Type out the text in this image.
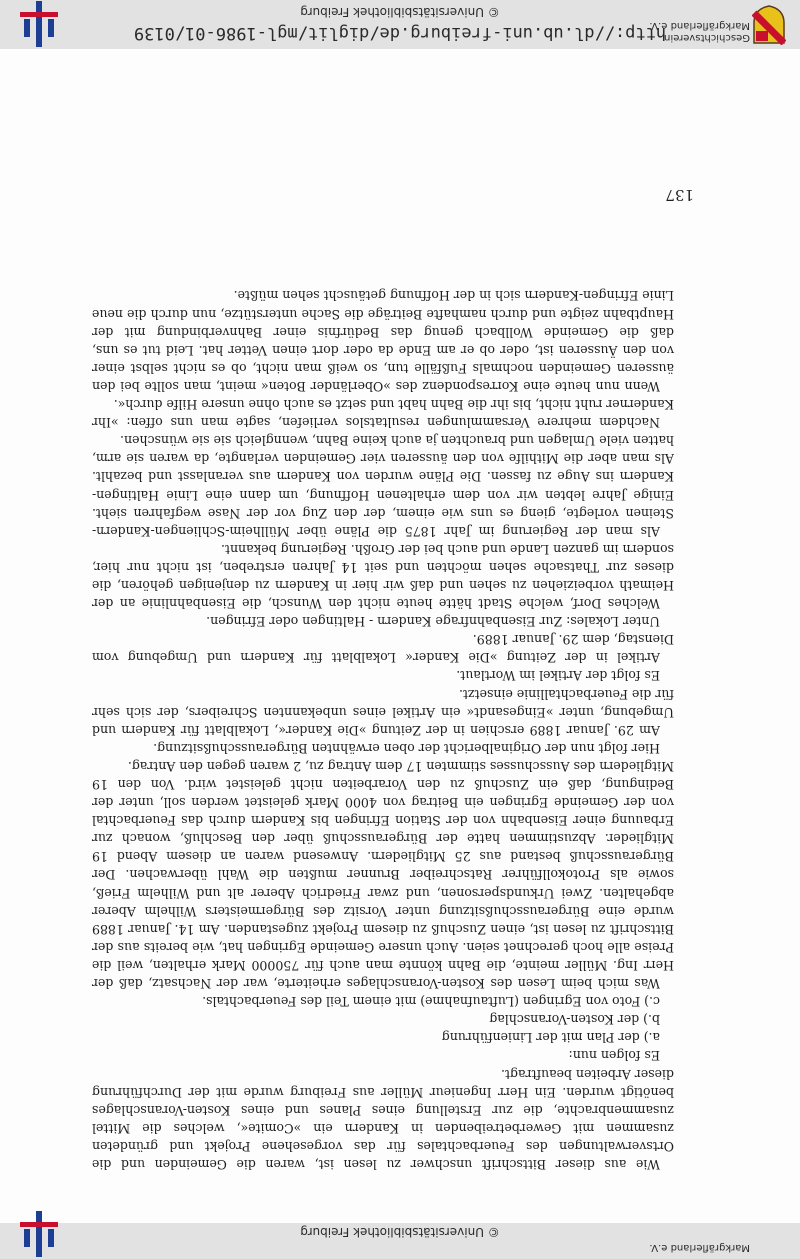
© Universitätsbibliothek Freiburg
Markgräflerland e.V.

Wie aus dieser Bittschrift unschwer zu lesen ist, waren die Gemeinden und die Ortsverwaltungen des Feuerbachtales für das vorgesehene Projekt und gründeten zusammen mit Gewerbetreibenden in Kandern ein »Comite«, welches die Mittel zusammenbrachte, die zur Erstellung eines Planes und eines Kosten-Voranschlages benötigt wurden. Ein Herr Ingenieur Müller aus Freiburg wurde mit der Durchführung dieser Arbeiten beauftragt.

Es folgen nun:

a.) der Plan mit der Linienführung

b.) der Kosten-Voranschlag

c.) Foto von Egringen (Luftaufnahme) mit einem Teil des Feuerbachtals.

Was mich beim Lesen des Kosten-Voranschlages erheiterte, war der Nachsatz, daß der Herr Ing. Müller meinte, die Bahn könnte man auch für 750000 Mark erhalten, weil die Preise alle hoch gerechnet seien. Auch unsere Gemeinde Egringen hat, wie bereits aus der Bittschrift zu lesen ist, einen Zuschuß zu diesem Projekt zugestanden. Am 14. Januar 1889 wurde eine Bürgerausschußsitzung unter Vorsitz des Bürgermeisters Wilhelm Aberer abgehalten. Zwei Urkundspersonen, und zwar Friedrich Aberer alt und Wilhelm Frieß, sowie als Protokollführer Ratschreiber Brunner mußten die Wahl überwachen. Der Bürgerausschuß bestand aus 25 Mitgliedern. Anwesend waren an diesem Abend 19 Mitglieder. Abzustimmen hatte der Bürgerausschuß über den Beschluß, wonach zur Erbauung einer Eisenbahn von der Station Efringen bis Kandern durch das Feuerbachtal von der Gemeinde Egringen ein Beitrag von 4000 Mark geleistet werden soll, unter der Bedingung, daß ein Zuschuß zu den Vorarbeiten nicht geleistet wird. Von den 19 Mitgliedern des Ausschusses stimmten 17 dem Antrag zu, 2 waren gegen den Antrag.

Hier folgt nun der Originalbericht der oben erwähnten Bürgerausschußsitzung.

Am 29. Januar 1889 erschien in der Zeitung »Die Kander«, Lokalblatt für Kandern und Umgebung, unter »Eingesandt« ein Artikel eines unbekannten Schreibers, der sich sehr für die Feuerbachtallinie einsetzt.

Es folgt der Artikel im Wortlaut.

Artikel in der Zeitung »Die Kander« Lokalblatt für Kandern und Umgebung vom Dienstag, dem 29. Januar 1889.

Unter Lokales: Zur Eisenbahnfrage Kandern - Haltingen oder Efringen.

Welches Dorf, welche Stadt hätte heute nicht den Wunsch, die Eisenbahnlinie an der Heimath vorbeiziehen zu sehen und daß wir hier in Kandern zu denjenigen gehören, die dieses zur Thatsache sehen möchten und seit 14 Jahren erstreben, ist nicht nur hier, sondern im ganzen Lande und auch bei der Großh. Regierung bekannt.

Als man der Regierung im Jahr 1875 die Pläne über Müllheim-Schliengen-Kandern-Steinen vorlegte, gieng es uns wie einem, der den Zug vor der Nase wegfahren sieht. Einige Jahre lebten wir von dem erhaltenen Hoffnung, um dann eine Linie Haltingen-Kandern ins Auge zu fassen. Die Pläne wurden von Kandern aus veranlasst und bezahlt. Als man aber die Mithilfe von den äusseren vier Gemeinden verlangte, da waren sie arm, hatten viele Umlagen und brauchten ja auch keine Bahn, wenngleich sie sie wünschen.

Nachdem mehrere Versammlungen resultatslos verliefen, sagte man uns offen: »Ihr Kanderner ruht nicht, bis ihr die Bahn habt und setzt es auch ohne unsere Hilfe durch«.

Wenn nun heute eine Korrespondenz des »Oberländer Boten« meint, man sollte bei den äusseren Gemeinden nochmals Fußfälle tun, so weiß man nicht, ob es nicht selbst einer von den Äusseren ist, oder ob er am Ende da oder dort einen Vetter hat. Leid tut es uns, daß die Gemeinde Wollbach genug das Bedürfnis einer Bahnverbindung mit der Hauptbahn zeigte und durch namhafte Beiträge die Sache unterstütze, nun durch die neue Linie Efringen-Kandern sich in der Hoffnung getäuscht sehen müßte.

137
Geschichtsverein
Markgräflerland e.V.
http://dl.ub.uni-freiburg.de/diglit/mgl-1986-01/0139
© Universitätsbibliothek Freiburg
